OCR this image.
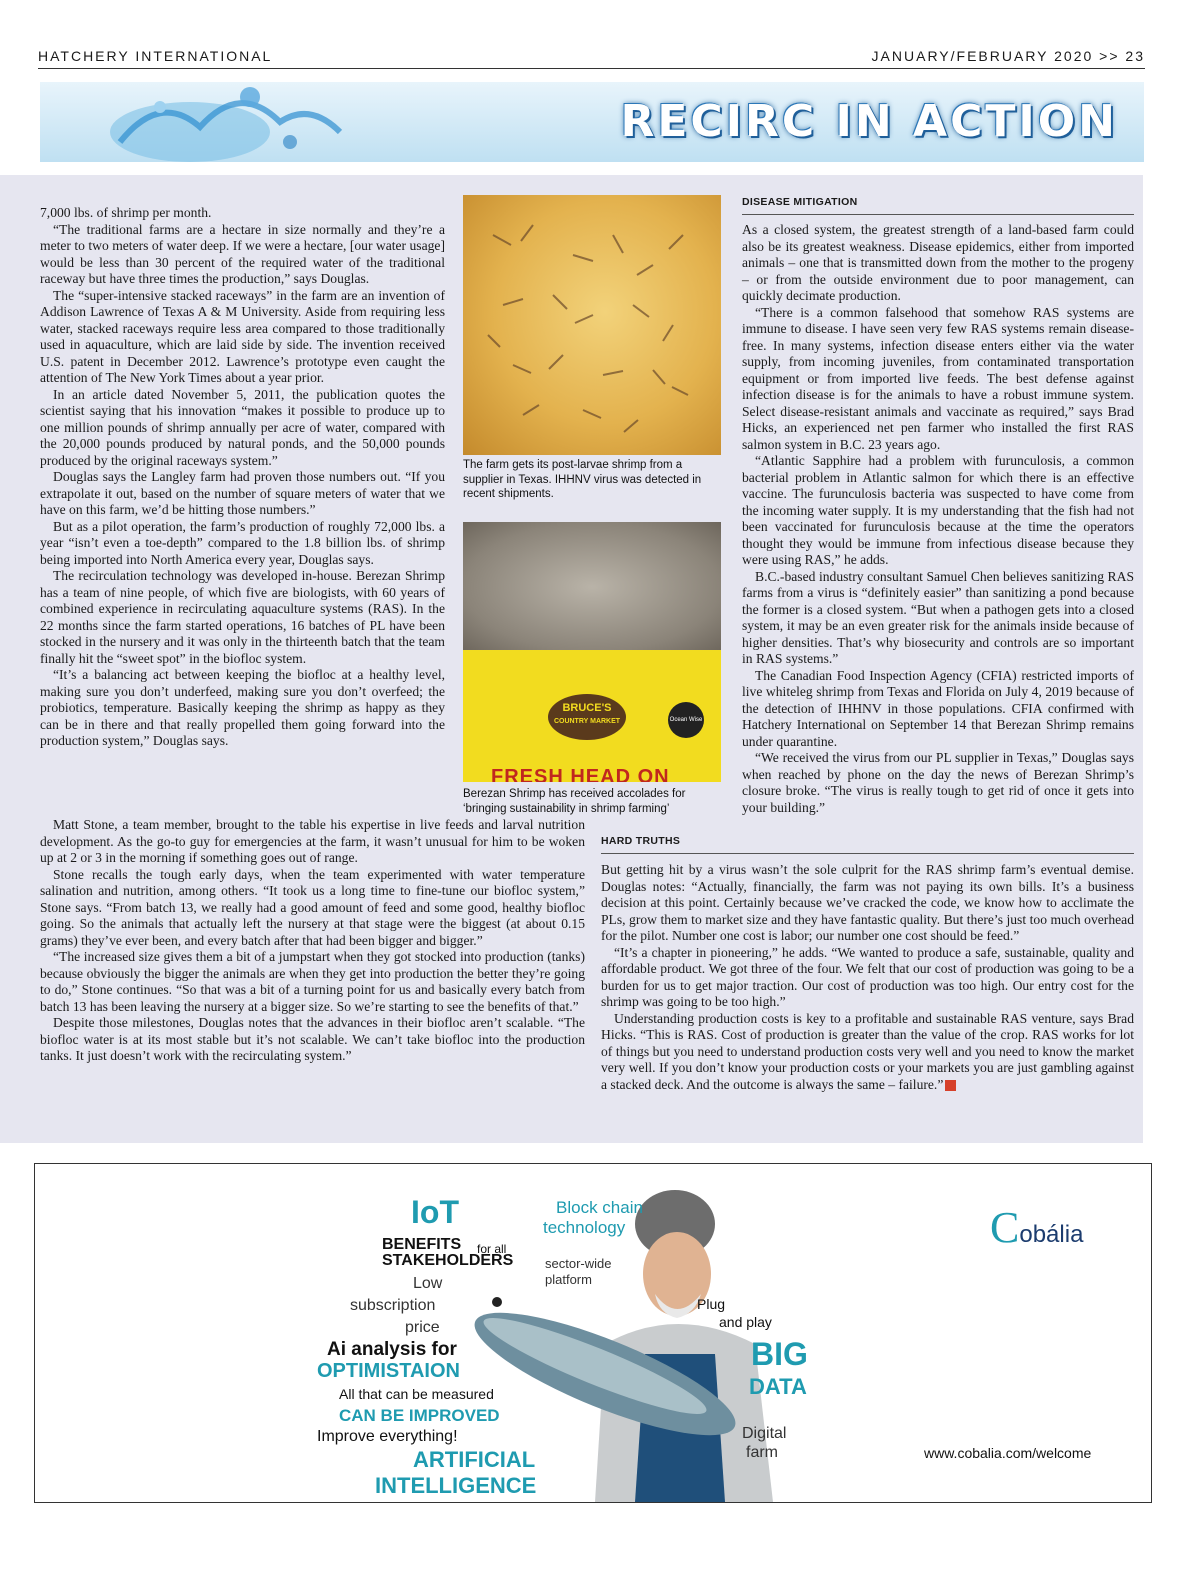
HATCHERY INTERNATIONAL	JANUARY/FEBRUARY 2020 >> 23
RECIRC IN ACTION

7,000 lbs. of shrimp per month.

“The traditional farms are a hectare in size normally and they’re a meter to two meters of water deep. If we were a hectare, [our water usage] would be less than 30 percent of the required water of the traditional raceway but have three times the production,” says Douglas.

The “super-intensive stacked raceways” in the farm are an invention of Addison Lawrence of Texas A & M University. Aside from requiring less water, stacked raceways require less area compared to those traditionally used in aquaculture, which are laid side by side. The invention received U.S. patent in December 2012. Lawrence’s prototype even caught the attention of The New York Times about a year prior.

In an article dated November 5, 2011, the publication quotes the scientist saying that his innovation “makes it possible to produce up to one million pounds of shrimp annually per acre of water, compared with the 20,000 pounds produced by natural ponds, and the 50,000 pounds produced by the original raceways system.”

Douglas says the Langley farm had proven those numbers out. “If you extrapolate it out, based on the number of square meters of water that we have on this farm, we’d be hitting those numbers.”

But as a pilot operation, the farm’s production of roughly 72,000 lbs. a year “isn’t even a toe-depth” compared to the 1.8 billion lbs. of shrimp being imported into North America every year, Douglas says.

The recirculation technology was developed in-house. Berezan Shrimp has a team of nine people, of which five are biologists, with 60 years of combined experience in recirculating aquaculture systems (RAS). In the 22 months since the farm started operations, 16 batches of PL have been stocked in the nursery and it was only in the thirteenth batch that the team finally hit the “sweet spot” in the biofloc system.

“It’s a balancing act between keeping the biofloc at a healthy level, making sure you don’t underfeed, making sure you don’t overfeed; the probiotics, temperature. Basically keeping the shrimp as happy as they can be in there and that really propelled them going forward into the production system,” Douglas says.

The farm gets its post-larvae shrimp from a supplier in Texas. IHHNV virus was detected in recent shipments.
BRUCE'S
COUNTRY MARKET	Ocean Wise
FRESH HEAD ON
Berezan Shrimp has received accolades for ‘bringing sustainability in shrimp farming’
DISEASE MITIGATION

As a closed system, the greatest strength of a land-based farm could also be its greatest weakness. Disease epidemics, either from imported animals – one that is transmitted down from the mother to the progeny – or from the outside environment due to poor management, can quickly decimate production.

“There is a common falsehood that somehow RAS systems are immune to disease. I have seen very few RAS systems remain disease-free. In many systems, infection disease enters either via the water supply, from incoming juveniles, from contaminated transportation equipment or from imported live feeds. The best defense against infection disease is for the animals to have a robust immune system. Select disease-resistant animals and vaccinate as required,” says Brad Hicks, an experienced net pen farmer who installed the first RAS salmon system in B.C. 23 years ago.

“Atlantic Sapphire had a problem with furunculosis, a common bacterial problem in Atlantic salmon for which there is an effective vaccine. The furunculosis bacteria was suspected to have come from the incoming water supply. It is my understanding that the fish had not been vaccinated for furunculosis because at the time the operators thought they would be immune from infectious disease because they were using RAS,” he adds.

B.C.-based industry consultant Samuel Chen believes sanitizing RAS farms from a virus is “definitely easier” than sanitizing a pond because the former is a closed system. “But when a pathogen gets into a closed system, it may be an even greater risk for the animals inside because of higher densities. That’s why biosecurity and controls are so important in RAS systems.”

The Canadian Food Inspection Agency (CFIA) restricted imports of live whiteleg shrimp from Texas and Florida on July 4, 2019 because of the detection of IHHNV in those populations. CFIA confirmed with Hatchery International on September 14 that Berezan Shrimp remains under quarantine.

“We received the virus from our PL supplier in Texas,” Douglas says when reached by phone on the day the news of Berezan Shrimp’s closure broke. “The virus is really tough to get rid of once it gets into your building.”

Matt Stone, a team member, brought to the table his expertise in live feeds and larval nutrition development. As the go-to guy for emergencies at the farm, it wasn’t unusual for him to be woken up at 2 or 3 in the morning if something goes out of range.

Stone recalls the tough early days, when the team experimented with water temperature salination and nutrition, among others. “It took us a long time to fine-tune our biofloc system,” Stone says. “From batch 13, we really had a good amount of feed and some good, healthy biofloc going. So the animals that actually left the nursery at that stage were the biggest (at about 0.15 grams) they’ve ever been, and every batch after that had been bigger and bigger.”

“The increased size gives them a bit of a jumpstart when they got stocked into production (tanks) because obviously the bigger the animals are when they get into production the better they’re going to do,” Stone continues. “So that was a bit of a turning point for us and basically every batch from batch 13 has been leaving the nursery at a bigger size. So we’re starting to see the benefits of that.”

Despite those milestones, Douglas notes that the advances in their biofloc aren’t scalable. “The biofloc water is at its most stable but it’s not scalable. We can’t take biofloc into the production tanks. It just doesn’t work with the recirculating system.”

HARD TRUTHS

But getting hit by a virus wasn’t the sole culprit for the RAS shrimp farm’s eventual demise. Douglas notes: “Actually, financially, the farm was not paying its own bills. It’s a business decision at this point. Certainly because we’ve cracked the code, we know how to acclimate the PLs, grow them to market size and they have fantastic quality. But there’s just too much overhead for the pilot. Number one cost is labor; our number one cost should be feed.”

“It’s a chapter in pioneering,” he adds. “We wanted to produce a safe, sustainable, quality and affordable product. We got three of the four. We felt that our cost of production was going to be a burden for us to get major traction. Our cost of production was too high. Our entry cost for the shrimp was going to be too high.”

Understanding production costs is key to a profitable and sustainable RAS venture, says Brad Hicks. “This is RAS. Cost of production is greater than the value of the crop. RAS works for lot of things but you need to understand production costs very well and you need to know the market very well. If you don’t know your production costs or your markets you are just gambling against a stacked deck. And the outcome is always the same – failure.”

IoT
BENEFITS for all
STAKEHOLDERS
Low
subscription
price
Ai analysis for
OPTIMISTAION
All that can be measured
CAN BE IMPROVED
Improve everything!
ARTIFICIAL
INTELLIGENCE
Block chain
technology
sector-wide
platform
Plug
and play
BIG
DATA
Digital
farm
Cobália
www.cobalia.com/welcome
